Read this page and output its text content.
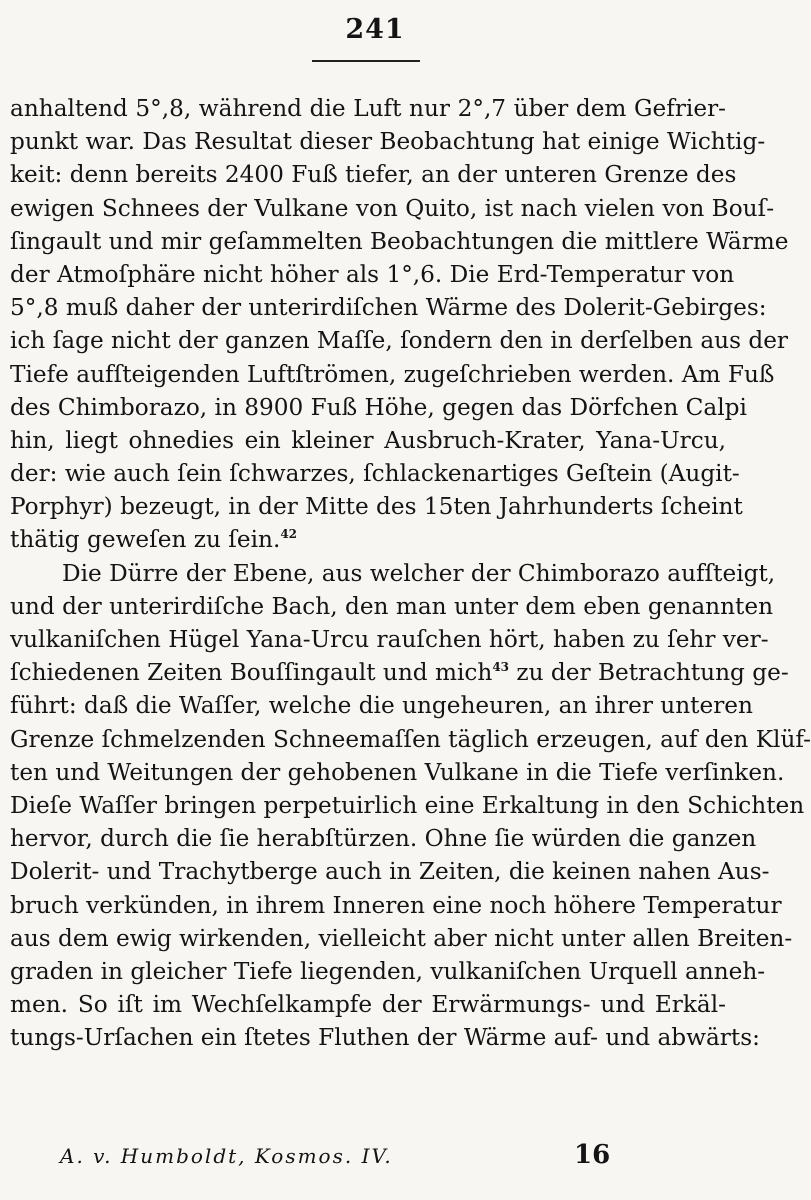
241
anhaltend 5°,8, während die Luft nur 2°,7 über dem Gefrier-
punkt war. Das Resultat dieser Beobachtung hat einige Wichtig-
keit: denn bereits 2400 Fuß tiefer, an der unteren Grenze des
ewigen Schnees der Vulkane von Quito, ist nach vielen von Bouſ-
ſingault und mir geſammelten Beobachtungen die mittlere Wärme
der Atmoſphäre nicht höher als 1°,6. Die Erd-Temperatur von
5°,8 muß daher der unterirdiſchen Wärme des Dolerit-Gebirges:
ich ſage nicht der ganzen Maſſe, ſondern den in derſelben aus der
Tiefe aufſteigenden Luftſtrömen, zugeſchrieben werden. Am Fuß
des Chimborazo, in 8900 Fuß Höhe, gegen das Dörfchen Calpi
hin, liegt ohnedies ein kleiner Ausbruch-Krater, Yana-Urcu,
der: wie auch ſein ſchwarzes, ſchlackenartiges Geſtein (Augit-
Porphyr) bezeugt, in der Mitte des 15ten Jahrhunderts ſcheint
thätig geweſen zu ſein.$^{42}$
Die Dürre der Ebene, aus welcher der Chimborazo aufſteigt,
und der unterirdiſche Bach, den man unter dem eben genannten
vulkaniſchen Hügel Yana-Urcu rauſchen hört, haben zu ſehr ver-
ſchiedenen Zeiten Bouſſingault und mich$^{43}$ zu der Betrachtung ge-
führt: daß die Waſſer, welche die ungeheuren, an ihrer unteren
Grenze ſchmelzenden Schneemaſſen täglich erzeugen, auf den Klüf-
ten und Weitungen der gehobenen Vulkane in die Tiefe verſinken.
Dieſe Waſſer bringen perpetuirlich eine Erkaltung in den Schichten
hervor, durch die ſie herabſtürzen. Ohne ſie würden die ganzen
Dolerit- und Trachytberge auch in Zeiten, die keinen nahen Aus-
bruch verkünden, in ihrem Inneren eine noch höhere Temperatur
aus dem ewig wirkenden, vielleicht aber nicht unter allen Breiten-
graden in gleicher Tiefe liegenden, vulkaniſchen Urquell anneh-
men. So iſt im Wechſelkampfe der Erwärmungs- und Erkäl-
tungs-Urſachen ein ſtetes Fluthen der Wärme auf- und abwärts:
A. v. Humboldt, Kosmos. IV.	16
